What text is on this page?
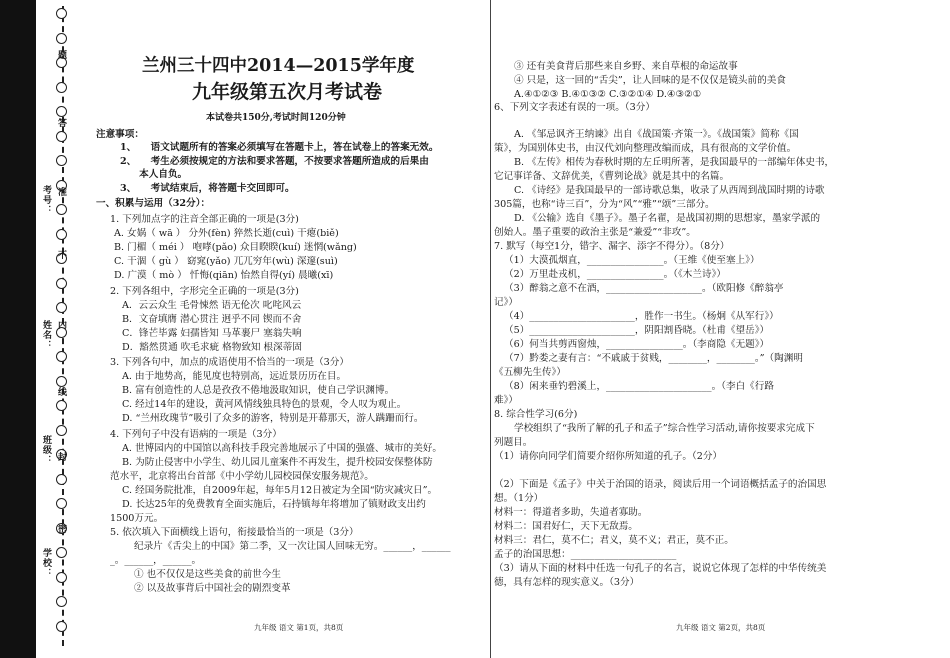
学校：
班级：
姓名：
考号：
密
封
线
内
不
准
答
题	兰州三十四中2014—2015学年度
九年级第五次月考试卷
本试卷共150分,考试时间120分钟
注意事项：
1、　　语文试题所有的答案必须填写在答题卡上，答在试卷上的答案无效。
2、　　考生必须按规定的方法和要求答题，不按要求答题所造成的后果由
　　本人自负。
3、　　考试结束后，将答题卡交回即可。
一、积累与运用（32分）：
1. 下列加点字的注音全部正确的一项是(3分)
A. 女娲（ wā ） 分外(fèn) 猝然长逝(cuì) 干瘪(biě)
B. 门楣（ méi ） 咆哮(pǎo) 众目睽睽(kuí) 迷惘(wǎng)
C. 干涸（ gù ） 窈窕(yǎo) 兀兀穷年(wù) 深邃(suì)
D. 广漠（ mò ） 忏悔(qiān) 怡然自得(yí) 晨曦(xī)
2. 下列各组中，字形完全正确的一项是(3分)
A．云云众生 毛骨悚然 语无伦次 叱咤风云
B．文奋填膺 潜心贯注 迥乎不同 锲而不舍
C．锋芒毕露 妇孺皆知 马革裹尸 塞翁失响
D．豁然贯通 吹毛求疵 格物致知 根深蒂固
3. 下列各句中，加点的成语使用不恰当的一项是（3分）
A. 由于地势高，能见度也特别高，远近景历历在目。
B. 富有创造性的人总是孜孜不倦地汲取知识，使自己学识渊博。
C. 经过14年的建设，黄河风情线独具特色的景观，令人叹为观止。
D. “兰州玫瑰节”吸引了众多的游客，特别是开幕那天，游人蹒跚而行。
4. 下列句子中没有语病的一项是（3分）
A. 世博园内的中国馆以高科技手段完善地展示了中国的强盛、城市的美好。
B. 为防止侵害中小学生、幼儿园儿童案件不再发生，提升校园安保整体防
范水平，北京将出台首部《中小学幼儿园校园保安服务规范》。
C. 经国务院批准，自2009年起，每年5月12日被定为全国“防灾减灾日”。
D. 长达25年的免费教育全面实施后，石持镇每年将增加了镇财政支出约
1500万元。
5. 依次填入下面横线上语句，衔接最恰当的一项是（3分）
纪录片《舌尖上的中国》第二季，又一次让国人回味无穷。______，______
_。______，______。
① 也不仅仅是这些美食的前世今生
② 以及故事背后中国社会的剧烈变革
九年级 语文 第1页，共8页
③ 还有美食背后那些来自乡野、来自草根的命运故事
④ 只是，这一回的“舌尖”，让人回味的是不仅仅是镜头前的美食
A.④①②③ B.④①③② C.③②①④ D.④③②①
6、下列文字表述有误的一项。（3分）
A. 《邹忌讽齐王纳谏》出自《战国策·齐策一》。《战国策》简称《国
策》，为国别体史书，由汉代刘向整理改编而成，具有很高的文学价值。
B. 《左传》相传为春秋时期的左丘明所著，是我国最早的一部编年体史书，
它记事详备、文辞优美，《曹刿论战》就是其中的名篇。
C. 《诗经》是我国最早的一部诗歌总集，收录了从西周到战国时期的诗歌
305篇，也称“诗三百”，分为“风”“雅”“颂”三部分。
D. 《公输》选自《墨子》。墨子名翟，是战国初期的思想家，墨家学派的
创始人。墨子重要的政治主张是“兼爱”“非攻”。
7. 默写（每空1分，错字、漏字、添字不得分）。（8分）
（1）大漠孤烟直，________________。（王维《使至塞上》）
（2）万里赴戎机，________________。（《木兰诗》）
（3）醉翁之意不在酒，____________________。（欧阳修《醉翁亭
记》）
（4）______________________，胜作一书生。（杨炯《从军行》）
（5）______________________，阴阳割昏晓。（杜甫《望岳》）
（6）何当共剪西窗烛，________________。（李商隐《无题》）
（7）黔娄之妻有言：“不戚戚于贫贱，________，________。”（陶渊明
《五柳先生传》）
（8）闲来垂钓碧溪上，______________________。（李白《行路
难》）
8. 综合性学习(6分)
学校组织了“我所了解的孔子和孟子”综合性学习活动,请你按要求完成下
列题目。
（1）请你向同学们简要介绍你所知道的孔子。（2分）
（2）下面是《孟子》中关于治国的语录，阅读后用一个词语概括孟子的治国思
想。（1分）
材料一：得道者多助，失道者寡助。
材料二：国君好仁，天下无敌焉。
材料三：君仁，莫不仁；君义，莫不义；君正，莫不正。
孟子的治国思想：______________________
（3）请从下面的材料中任选一句孔子的名言，说说它体现了怎样的中华传统美
德，具有怎样的现实意义。（3分）
九年级 语文 第2页，共8页
